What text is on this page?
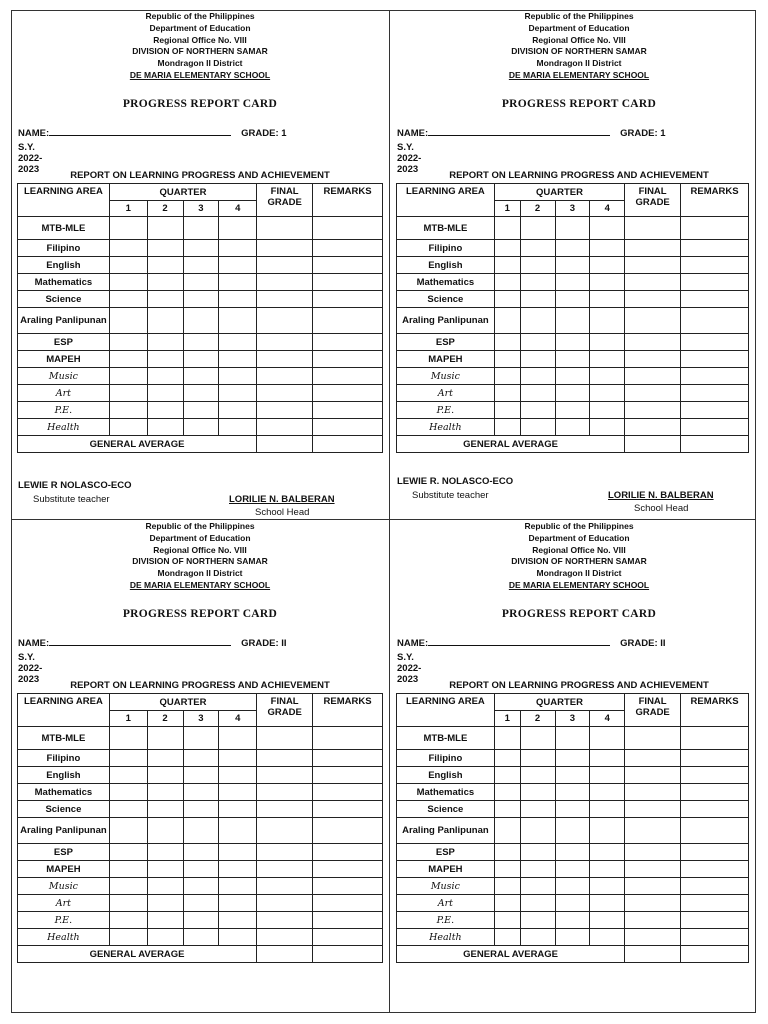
Republic of the Philippines
Department of Education
Regional Office No. VIII
DIVISION OF NORTHERN SAMAR
Mondragon II District
DE MARIA ELEMENTARY SCHOOL
PROGRESS REPORT CARD
NAME:	GRADE: 1
S.Y. 2022-2023
REPORT ON LEARNING PROGRESS AND ACHIEVEMENT
LEARNING AREA	QUARTER				FINAL GRADE	REMARKS
	1	2	3	4		
MTB-MLE						
Filipino						
English						
Mathematics						
Science						
Araling Panlipunan						
ESP						
MAPEH						
Music						
Art						
P.E.						
Health						
GENERAL AVERAGE						
LEWIE R NOLASCO-ECO
Substitute teacher	LORILIE N. BALBERAN
School Head
Republic of the Philippines
Department of Education
Regional Office No. VIII
DIVISION OF NORTHERN SAMAR
Mondragon II District
DE MARIA ELEMENTARY SCHOOL
PROGRESS REPORT CARD
NAME:	GRADE: 1
S.Y. 2022-2023
REPORT ON LEARNING PROGRESS AND ACHIEVEMENT
LEARNING AREA	QUARTER				FINAL GRADE	REMARKS
	1	2	3	4		
MTB-MLE						
Filipino						
English						
Mathematics						
Science						
Araling Panlipunan						
ESP						
MAPEH						
Music						
Art						
P.E.						
Health						
GENERAL AVERAGE						
LEWIE R. NOLASCO-ECO
Substitute teacher	LORILIE N. BALBERAN
School Head
Republic of the Philippines
Department of Education
Regional Office No. VIII
DIVISION OF NORTHERN SAMAR
Mondragon II District
DE MARIA ELEMENTARY SCHOOL
PROGRESS REPORT CARD
NAME:	GRADE: II
S.Y. 2022-2023
REPORT ON LEARNING PROGRESS AND ACHIEVEMENT
LEARNING AREA	QUARTER				FINAL GRADE	REMARKS
	1	2	3	4		
MTB-MLE						
Filipino						
English						
Mathematics						
Science						
Araling Panlipunan						
ESP						
MAPEH						
Music						
Art						
P.E.						
Health						
GENERAL AVERAGE						
Republic of the Philippines
Department of Education
Regional Office No. VIII
DIVISION OF NORTHERN SAMAR
Mondragon II District
DE MARIA ELEMENTARY SCHOOL
PROGRESS REPORT CARD
NAME:	GRADE: II
S.Y. 2022-2023
REPORT ON LEARNING PROGRESS AND ACHIEVEMENT
LEARNING AREA	QUARTER				FINAL GRADE	REMARKS
	1	2	3	4		
MTB-MLE						
Filipino						
English						
Mathematics						
Science						
Araling Panlipunan						
ESP						
MAPEH						
Music						
Art						
P.E.						
Health						
GENERAL AVERAGE						
